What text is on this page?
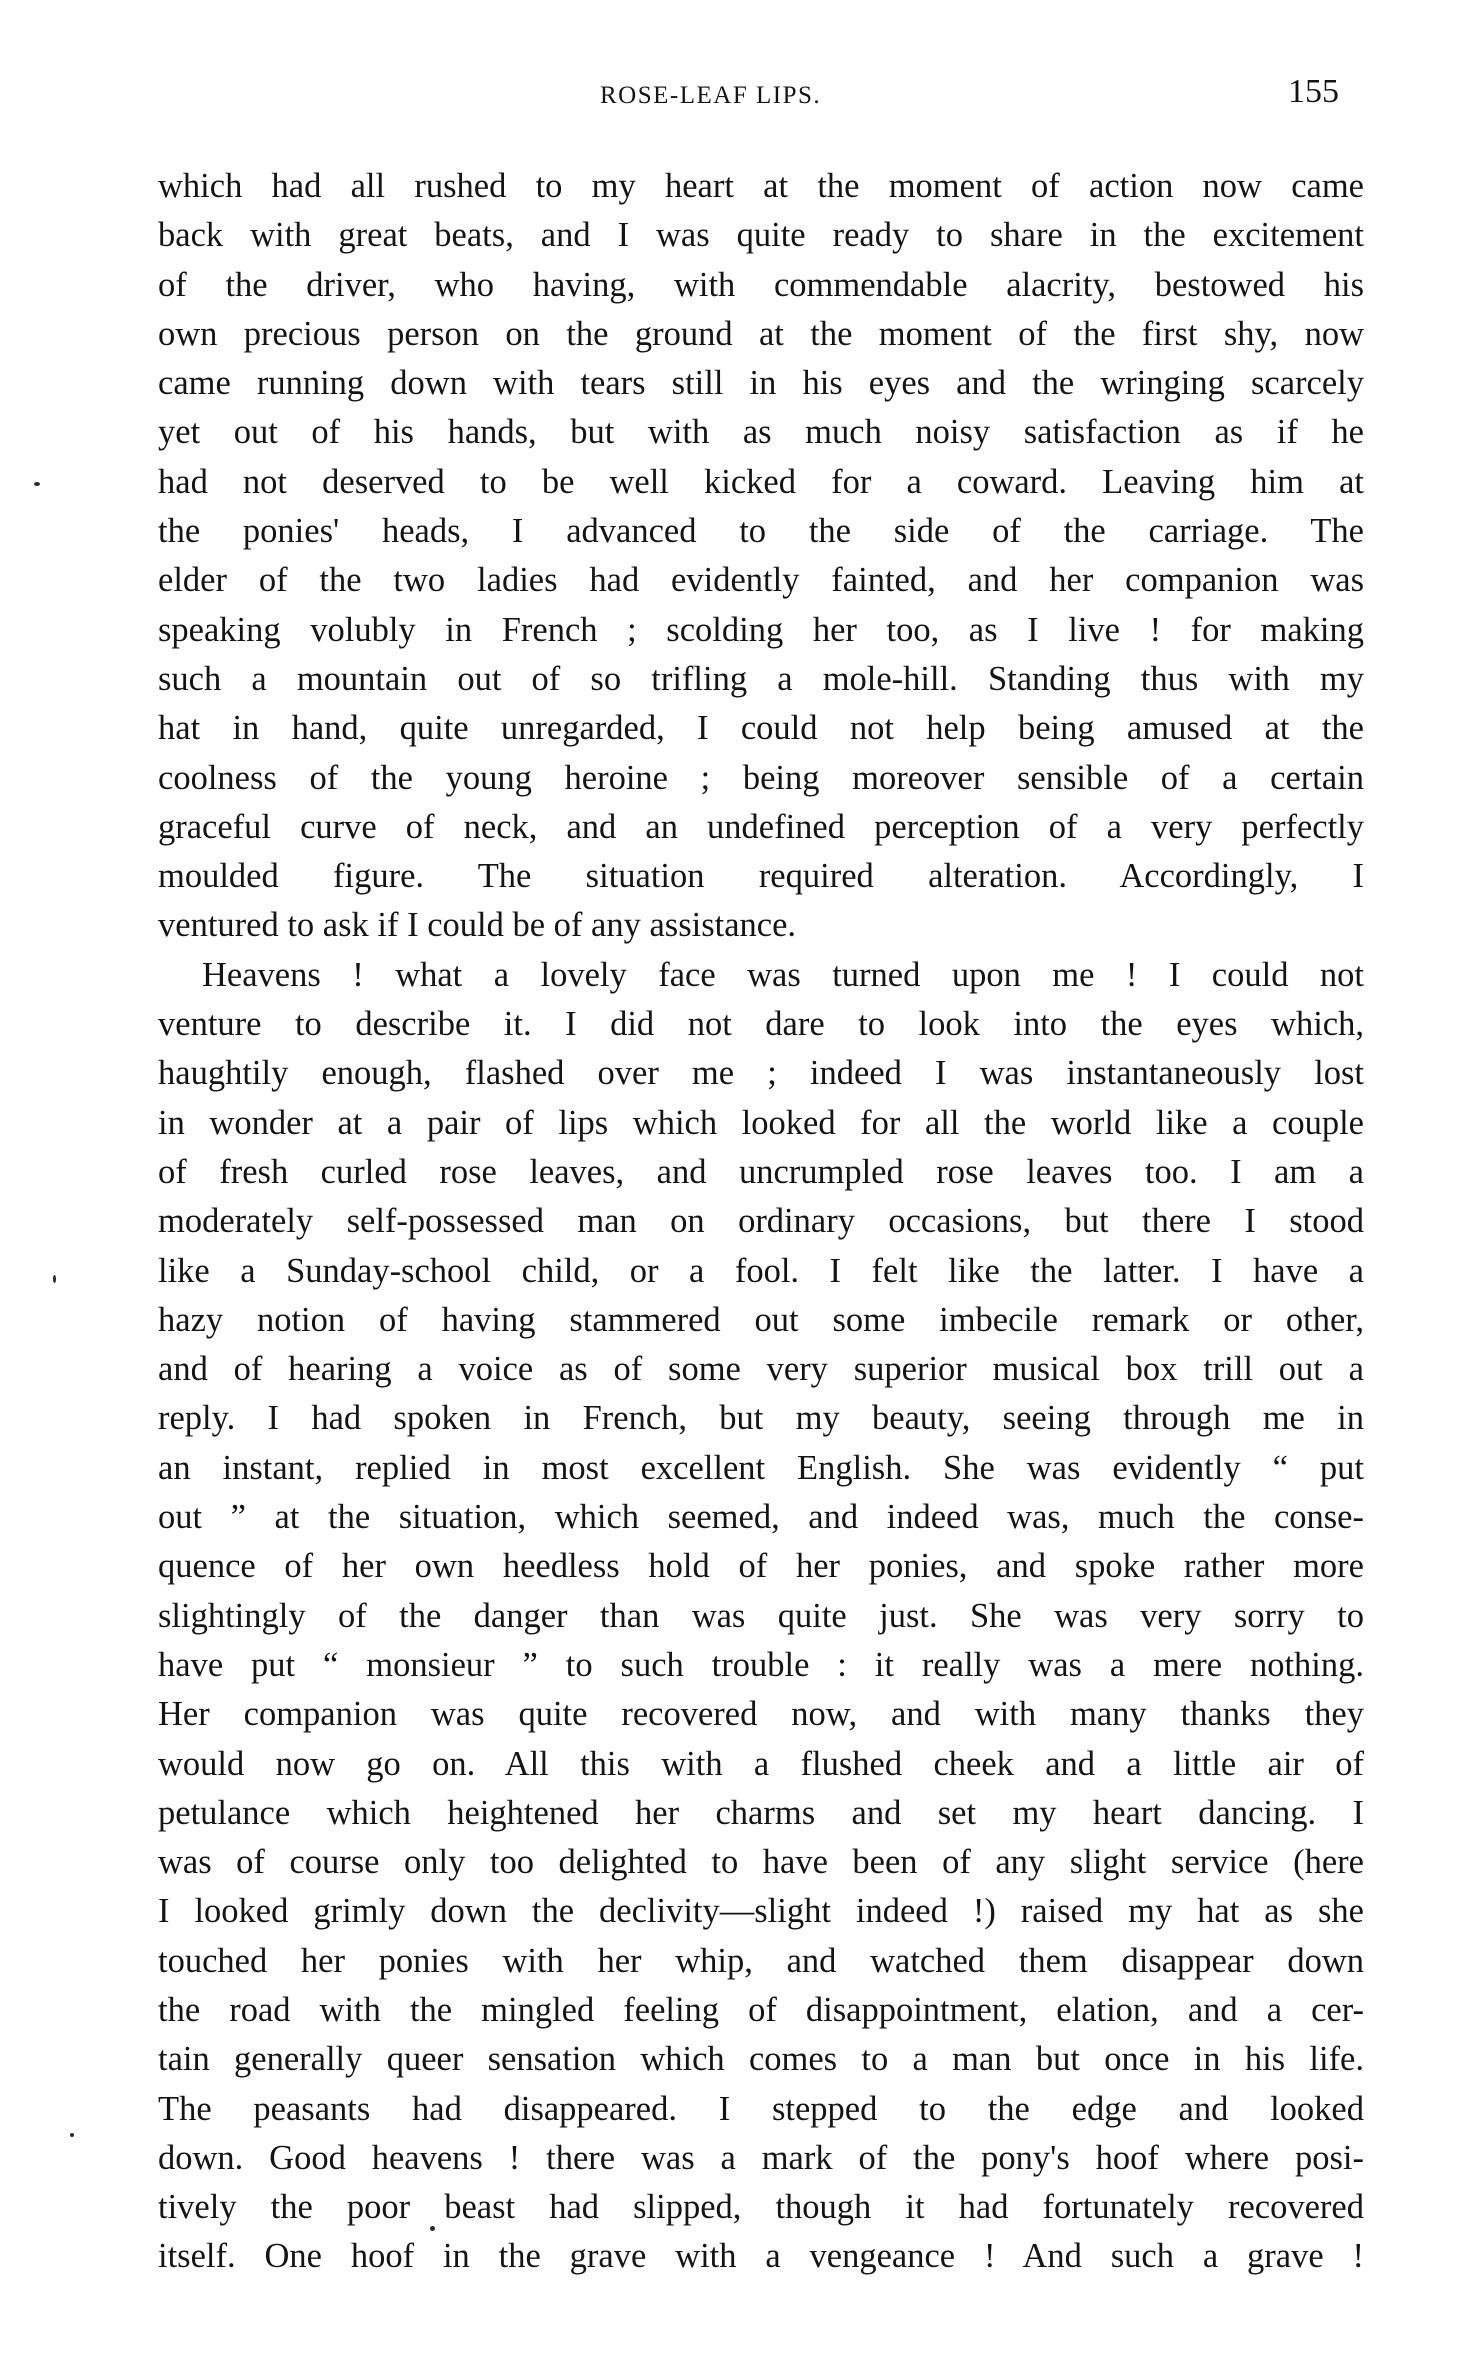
ROSE-LEAF LIPS.	155
which had all rushed to my heart at the moment of action now came
back with great beats, and I was quite ready to share in the excitement
of the driver, who having, with commendable alacrity, bestowed his
own precious person on the ground at the moment of the first shy, now
came running down with tears still in his eyes and the wringing scarcely
yet out of his hands, but with as much noisy satisfaction as if he
had not deserved to be well kicked for a coward. Leaving him at
the ponies' heads, I advanced to the side of the carriage. The
elder of the two ladies had evidently fainted, and her companion was
speaking volubly in French ; scolding her too, as I live ! for making
such a mountain out of so trifling a mole-hill. Standing thus with my
hat in hand, quite unregarded, I could not help being amused at the
coolness of the young heroine ; being moreover sensible of a certain
graceful curve of neck, and an undefined perception of a very perfectly
moulded figure. The situation required alteration. Accordingly, I
ventured to ask if I could be of any assistance.
Heavens ! what a lovely face was turned upon me ! I could not
venture to describe it. I did not dare to look into the eyes which,
haughtily enough, flashed over me ; indeed I was instantaneously lost
in wonder at a pair of lips which looked for all the world like a couple
of fresh curled rose leaves, and uncrumpled rose leaves too. I am a
moderately self-possessed man on ordinary occasions, but there I stood
like a Sunday-school child, or a fool. I felt like the latter. I have a
hazy notion of having stammered out some imbecile remark or other,
and of hearing a voice as of some very superior musical box trill out a
reply. I had spoken in French, but my beauty, seeing through me in
an instant, replied in most excellent English. She was evidently “ put
out ” at the situation, which seemed, and indeed was, much the conse-
quence of her own heedless hold of her ponies, and spoke rather more
slightingly of the danger than was quite just. She was very sorry to
have put “ monsieur ” to such trouble : it really was a mere nothing.
Her companion was quite recovered now, and with many thanks they
would now go on. All this with a flushed cheek and a little air of
petulance which heightened her charms and set my heart dancing. I
was of course only too delighted to have been of any slight service (here
I looked grimly down the declivity—slight indeed !) raised my hat as she
touched her ponies with her whip, and watched them disappear down
the road with the mingled feeling of disappointment, elation, and a cer-
tain generally queer sensation which comes to a man but once in his life.
The peasants had disappeared. I stepped to the edge and looked
down. Good heavens ! there was a mark of the pony's hoof where posi-
tively the poor beast had slipped, though it had fortunately recovered
itself. One hoof in the grave with a vengeance ! And such a grave !
